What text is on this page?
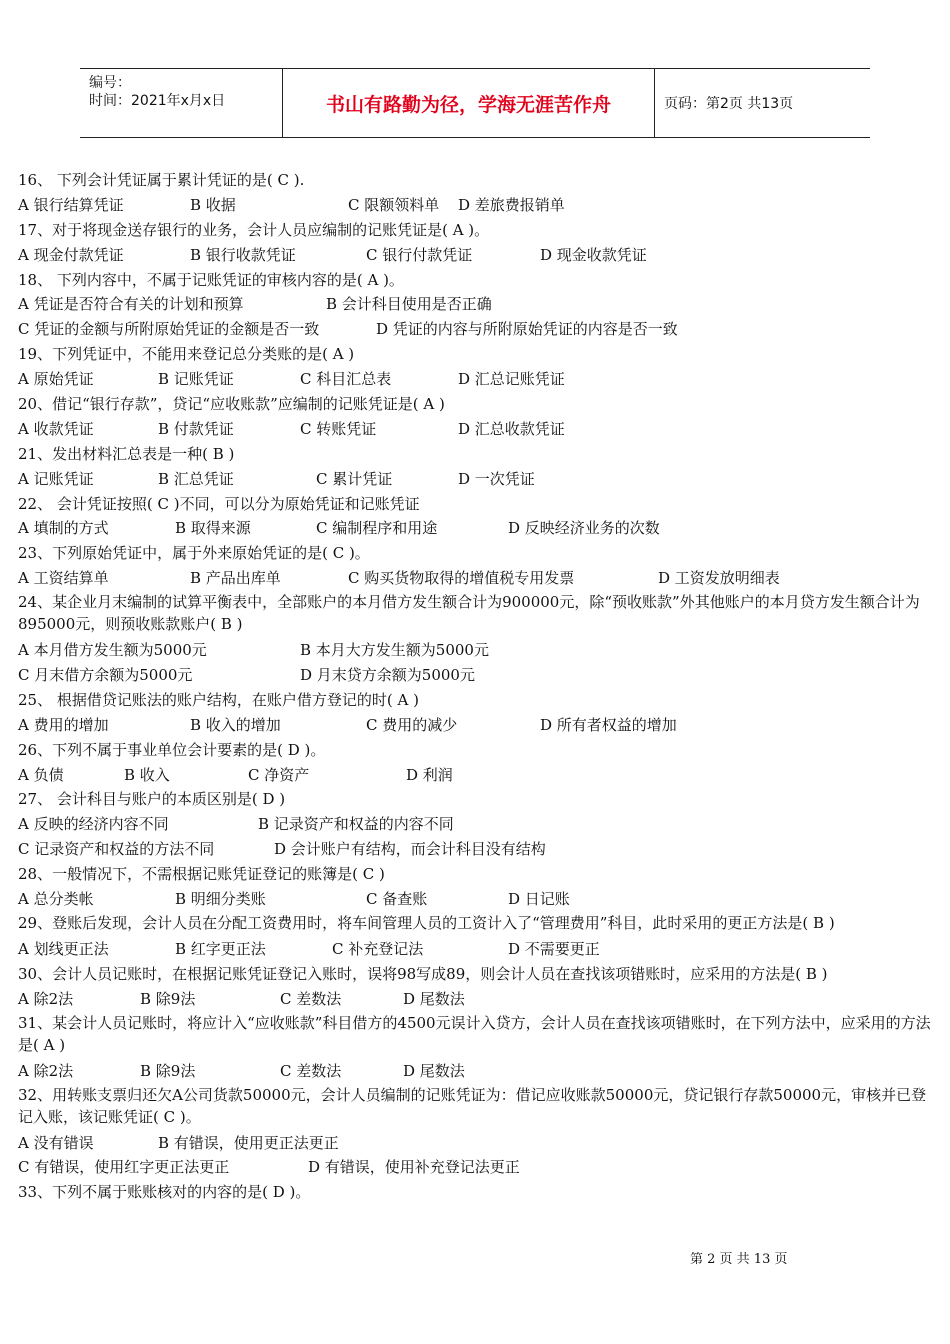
编号：
时间：2021年x月x日	书山有路勤为径，学海无涯苦作舟	页码：第2页 共13页
16、 下列会计凭证属于累计凭证的是( C ).
A 银行结算凭证	B 收据	C 限额领料单 D 差旅费报销单
17、对于将现金送存银行的业务，会计人员应编制的记账凭证是( A )。
A 现金付款凭证	B 银行收款凭证	C 银行付款凭证	D 现金收款凭证
18、 下列内容中，不属于记账凭证的审核内容的是( A )。
A 凭证是否符合有关的计划和预算	B 会计科目使用是否正确
C 凭证的金额与所附原始凭证的金额是否一致	D 凭证的内容与所附原始凭证的内容是否一致
19、下列凭证中，不能用来登记总分类账的是( A )
A 原始凭证	B 记账凭证	C 科目汇总表	D 汇总记账凭证
20、借记“银行存款”，贷记“应收账款”应编制的记账凭证是( A )
A 收款凭证	B 付款凭证	C 转账凭证	D 汇总收款凭证
21、发出材料汇总表是一种( B )
A 记账凭证	B 汇总凭证	C 累计凭证	D 一次凭证
22、 会计凭证按照( C )不同，可以分为原始凭证和记账凭证
A 填制的方式	B 取得来源	C 编制程序和用途	D 反映经济业务的次数
23、下列原始凭证中，属于外来原始凭证的是( C )。
A 工资结算单	B 产品出库单	C 购买货物取得的增值税专用发票	D 工资发放明细表
24、某企业月末编制的试算平衡表中，全部账户的本月借方发生额合计为900000元，除“预收账款”外其他账户的本月贷方发生额合计为895000元，则预收账款账户( B )
A 本月借方发生额为5000元	B 本月大方发生额为5000元
C 月末借方余额为5000元	D 月末贷方余额为5000元
25、 根据借贷记账法的账户结构，在账户借方登记的时( A )
A 费用的增加	B 收入的增加	C 费用的减少	D 所有者权益的增加
26、下列不属于事业单位会计要素的是( D )。
A 负债	B 收入	C 净资产	D 利润
27、 会计科目与账户的本质区别是( D )
A 反映的经济内容不同	B 记录资产和权益的内容不同
C 记录资产和权益的方法不同	D 会计账户有结构，而会计科目没有结构
28、一般情况下，不需根据记账凭证登记的账簿是( C )
A 总分类帐	B 明细分类账	C 备查账	D 日记账
29、登账后发现，会计人员在分配工资费用时，将车间管理人员的工资计入了“管理费用”科目，此时采用的更正方法是( B )
A 划线更正法	B 红字更正法	C 补充登记法	D 不需要更正
30、会计人员记账时，在根据记账凭证登记入账时，误将98写成89，则会计人员在查找该项错账时，应采用的方法是( B )
A 除2法	B 除9法	C 差数法	D 尾数法
31、某会计人员记账时，将应计入“应收账款”科目借方的4500元误计入贷方，会计人员在查找该项错账时，在下列方法中，应采用的方法是( A )
A 除2法	B 除9法	C 差数法	D 尾数法
32、用转账支票归还欠A公司货款50000元，会计人员编制的记账凭证为：借记应收账款50000元，贷记银行存款50000元，审核并已登记入账，该记账凭证( C )。
A 没有错误	B 有错误，使用更正法更正
C 有错误，使用红字更正法更正	D 有错误，使用补充登记法更正
33、下列不属于账账核对的内容的是( D )。
第 2 页 共 13 页
